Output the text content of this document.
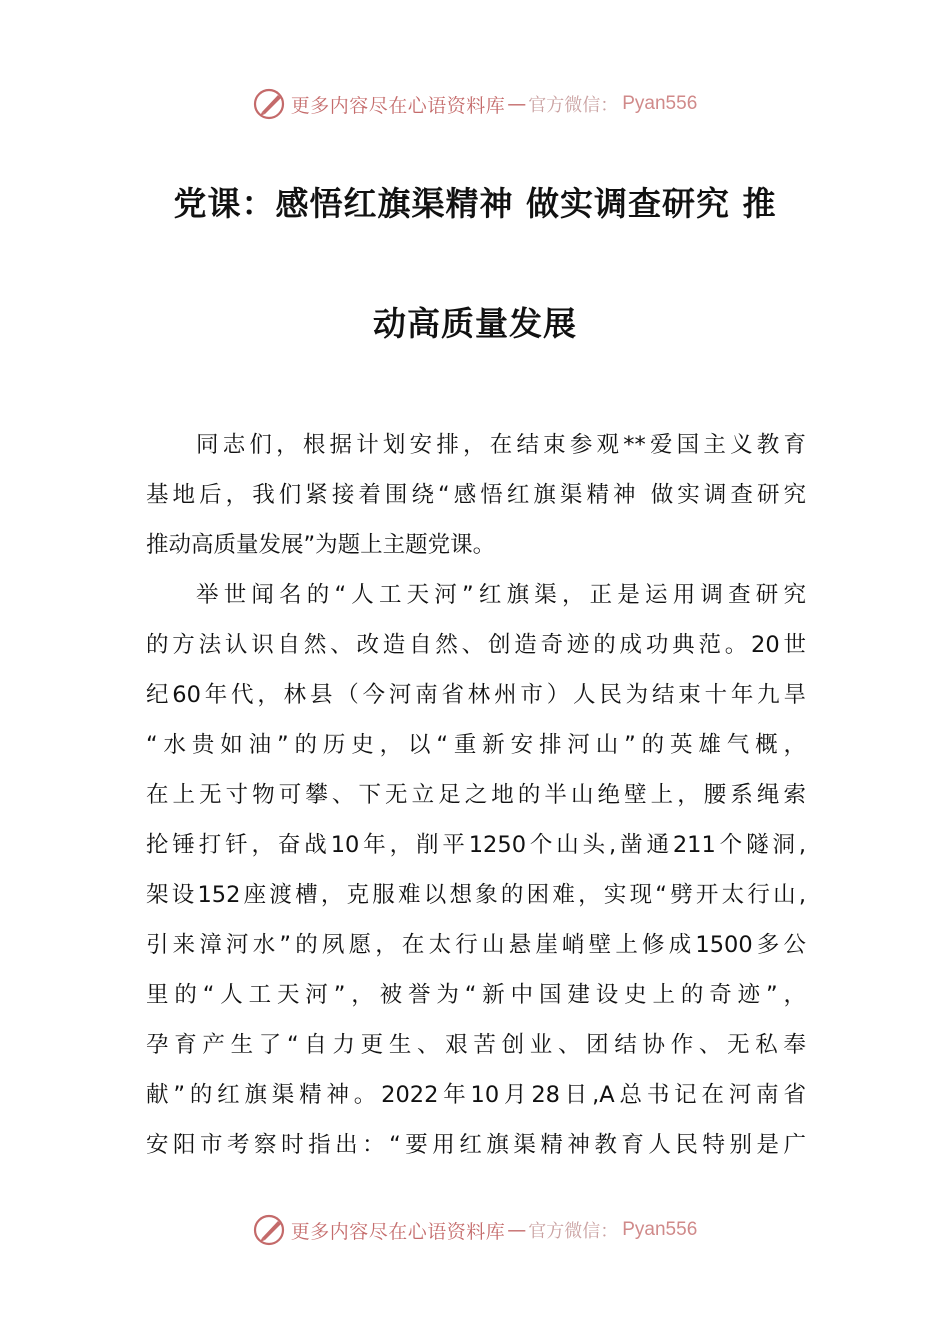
更多内容尽在心语资料库 — 官方微信： Pyan556
党课：感悟红旗渠精神 做实调查研究 推
动高质量发展
同志们，根据计划安排，在结束参观**爱国主义教育
基地后，我们紧接着围绕“感悟红旗渠精神 做实调查研究
推动高质量发展”为题上主题党课。
举世闻名的“人工天河”红旗渠，正是运用调查研究
的方法认识自然、改造自然、创造奇迹的成功典范。20世
纪60年代，林县（今河南省林州市）人民为结束十年九旱
“水贵如油”的历史，以“重新安排河山”的英雄气概，
在上无寸物可攀、下无立足之地的半山绝壁上，腰系绳索
抡锤打钎，奋战10年，削平1250个山头,凿通211个隧洞,
架设152座渡槽，克服难以想象的困难，实现“劈开太行山,
引来漳河水”的夙愿，在太行山悬崖峭壁上修成1500多公
里的“人工天河”，被誉为“新中国建设史上的奇迹”，
孕育产生了“自力更生、艰苦创业、团结协作、无私奉
献”的红旗渠精神。2022年10月28日,A总书记在河南省
安阳市考察时指出：“要用红旗渠精神教育人民特别是广
更多内容尽在心语资料库 — 官方微信： Pyan556
